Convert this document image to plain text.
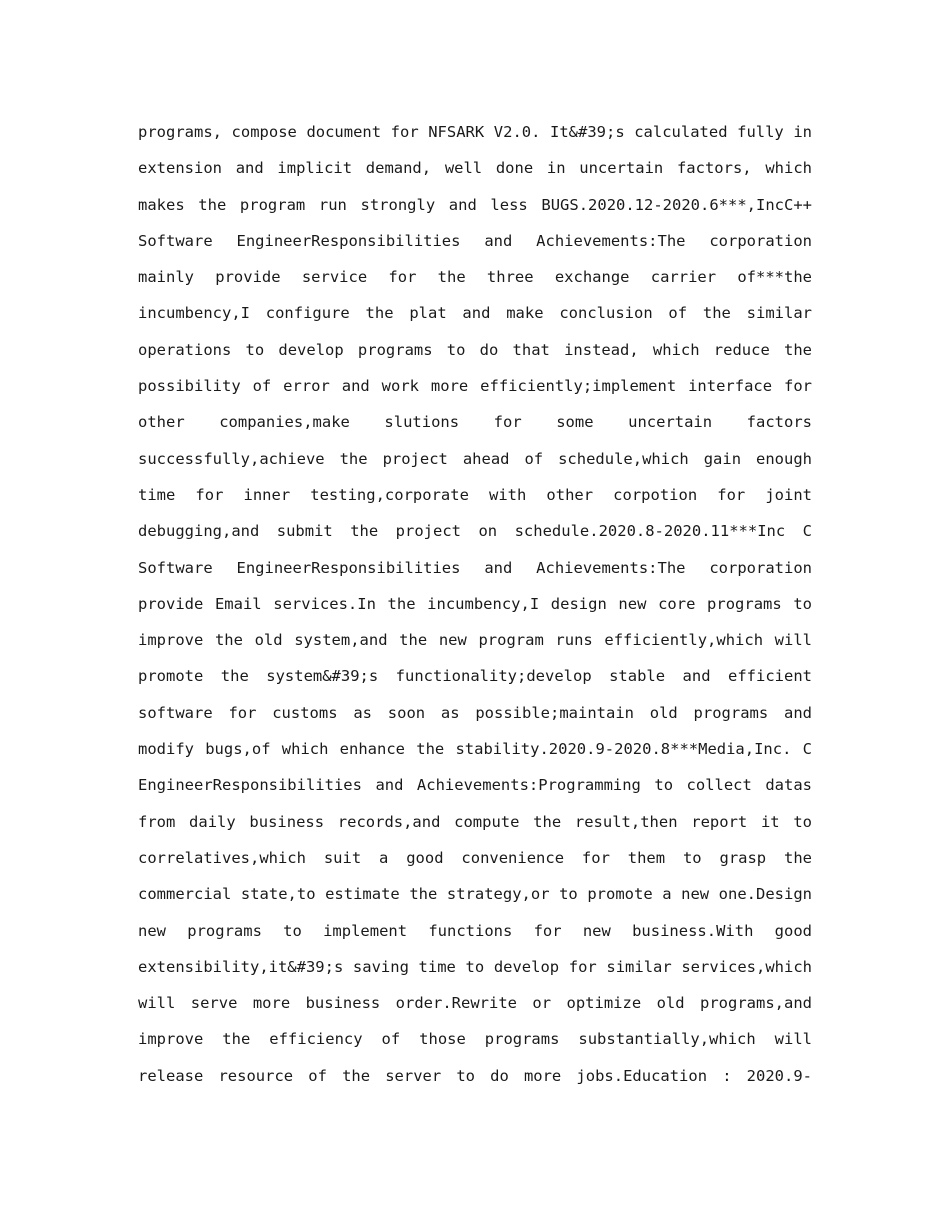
programs, compose document for NFSARK V2.0. It&#39;s calculated fully in
extension and implicit demand, well done in uncertain factors, which
makes the program run strongly and less BUGS.2020.12-2020.6***,IncC++
Software EngineerResponsibilities and Achievements:The corporation
mainly provide service for the three exchange carrier of***the
incumbency,I configure the plat and make conclusion of the similar
operations to develop programs to do that instead, which reduce the
possibility of error and work more efficiently;implement interface for
other companies,make slutions for some uncertain factors
successfully,achieve the project ahead of schedule,which gain enough
time for inner testing,corporate with other corpotion for joint
debugging,and submit the project on schedule.2020.8-2020.11***Inc C
Software EngineerResponsibilities and Achievements:The corporation
provide Email services.In the incumbency,I design new core programs to
improve the old system,and the new program runs efficiently,which will
promote the system&#39;s functionality;develop stable and efficient
software for customs as soon as possible;maintain old programs and
modify bugs,of which enhance the stability.2020.9-2020.8***Media,Inc. C
EngineerResponsibilities and Achievements:Programming to collect datas
from daily business records,and compute the result,then report it to
correlatives,which suit a good convenience for them to grasp the
commercial state,to estimate the strategy,or to promote a new one.Design
new programs to implement functions for new business.With good
extensibility,it&#39;s saving time to develop for similar services,which
will serve more business order.Rewrite or optimize old programs,and
improve the efficiency of those programs substantially,which will
release resource of the server to do more jobs.Education : 2020.9-
